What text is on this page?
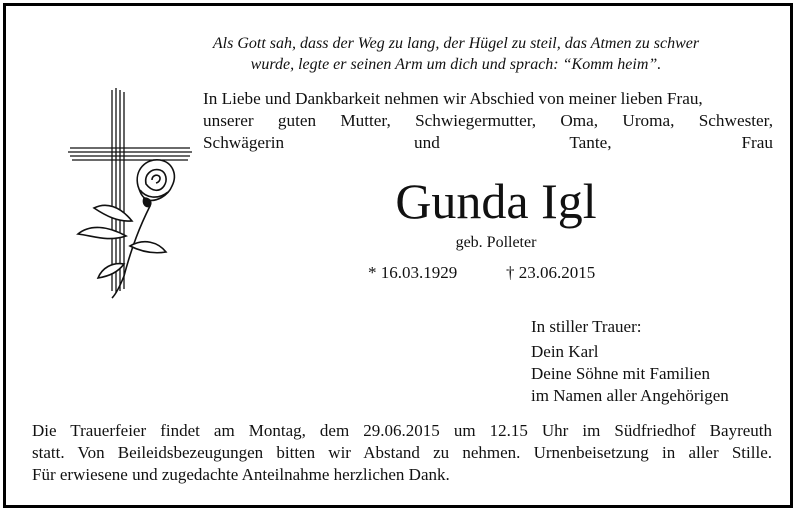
Als Gott sah, dass der Weg zu lang, der Hügel zu steil, das Atmen zu schwer
wurde, legte er seinen Arm um dich und sprach: “Komm heim”.
In Liebe und Dankbarkeit nehmen wir Abschied von meiner lieben Frau,
unserer guten Mutter, Schwiegermutter, Oma, Uroma, Schwester,
Schwägerin und Tante, Frau
Gunda Igl
geb. Polleter
* 16.03.1929	† 23.06.2015
In stiller Trauer:
Dein Karl
Deine Söhne mit Familien
im Namen aller Angehörigen
Die Trauerfeier findet am Montag, dem 29.06.2015 um 12.15 Uhr im Südfriedhof Bayreuth
statt. Von Beileidsbezeugungen bitten wir Abstand zu nehmen. Urnenbeisetzung in aller Stille.
Für erwiesene und zugedachte Anteilnahme herzlichen Dank.
